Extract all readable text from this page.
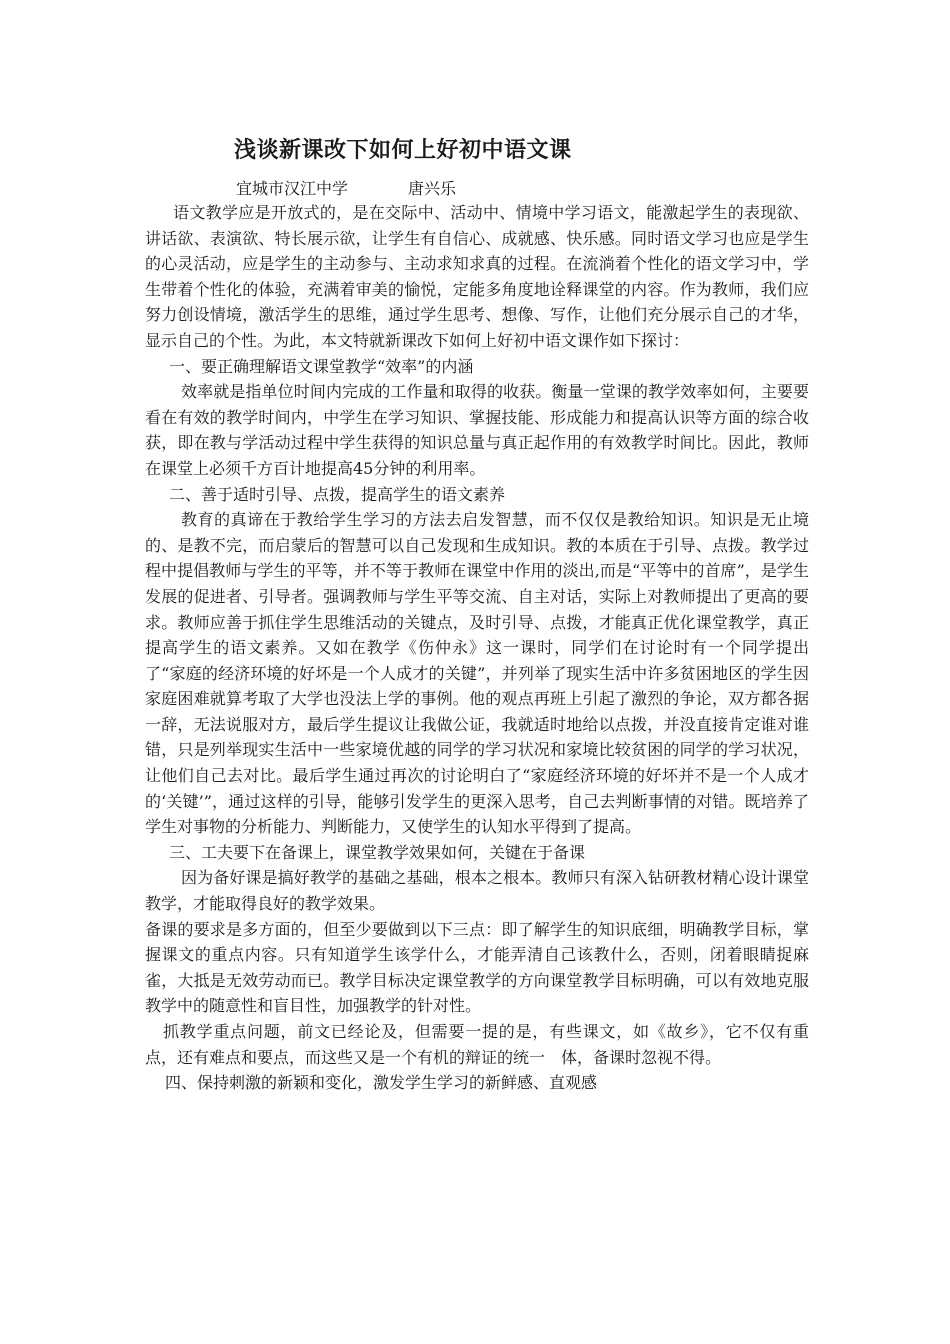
浅谈新课改下如何上好初中语文课
宜城市汉江中学	唐兴乐

语文教学应是开放式的，是在交际中、活动中、情境中学习语文，能激起学生的表现欲、讲话欲、表演欲、特长展示欲，让学生有自信心、成就感、快乐感。同时语文学习也应是学生的心灵活动，应是学生的主动参与、主动求知求真的过程。在流淌着个性化的语文学习中，学生带着个性化的体验，充满着审美的愉悦，定能多角度地诠释课堂的内容。作为教师，我们应努力创设情境，激活学生的思维，通过学生思考、想像、写作，让他们充分展示自己的才华，显示自己的个性。为此，本文特就新课改下如何上好初中语文课作如下探讨：

一、要正确理解语文课堂教学“效率”的内涵

效率就是指单位时间内完成的工作量和取得的收获。衡量一堂课的教学效率如何，主要要看在有效的教学时间内，中学生在学习知识、掌握技能、形成能力和提高认识等方面的综合收获，即在教与学活动过程中学生获得的知识总量与真正起作用的有效教学时间比。因此，教师在课堂上必须千方百计地提高45分钟的利用率。

二、善于适时引导、点拨，提高学生的语文素养

教育的真谛在于教给学生学习的方法去启发智慧，而不仅仅是教给知识。知识是无止境的、是教不完，而启蒙后的智慧可以自己发现和生成知识。教的本质在于引导、点拨。教学过程中提倡教师与学生的平等，并不等于教师在课堂中作用的淡出,而是“平等中的首席”，是学生发展的促进者、引导者。强调教师与学生平等交流、自主对话，实际上对教师提出了更高的要求。教师应善于抓住学生思维活动的关键点，及时引导、点拨，才能真正优化课堂教学，真正提高学生的语文素养。又如在教学《伤仲永》这一课时，同学们在讨论时有一个同学提出了“家庭的经济环境的好坏是一个人成才的关键”，并列举了现实生活中许多贫困地区的学生因家庭困难就算考取了大学也没法上学的事例。他的观点再班上引起了激烈的争论，双方都各据一辞，无法说服对方，最后学生提议让我做公证，我就适时地给以点拨，并没直接肯定谁对谁错，只是列举现实生活中一些家境优越的同学的学习状况和家境比较贫困的同学的学习状况，让他们自己去对比。最后学生通过再次的讨论明白了“家庭经济环境的好坏并不是一个人成才的‘关键’”，通过这样的引导，能够引发学生的更深入思考，自己去判断事情的对错。既培养了学生对事物的分析能力、判断能力，又使学生的认知水平得到了提高。

三、工夫要下在备课上，课堂教学效果如何，关键在于备课

因为备好课是搞好教学的基础之基础，根本之根本。教师只有深入钻研教材精心设计课堂教学，才能取得良好的教学效果。

备课的要求是多方面的，但至少要做到以下三点：即了解学生的知识底细，明确教学目标，掌握课文的重点内容。只有知道学生该学什么，才能弄清自己该教什么，否则，闭着眼睛捉麻雀，大抵是无效劳动而已。教学目标决定课堂教学的方向课堂教学目标明确，可以有效地克服教学中的随意性和盲目性，加强教学的针对性。

抓教学重点问题，前文已经论及，但需要一提的是，有些课文，如《故乡》，它不仅有重点，还有难点和要点，而这些又是一个有机的辩证的统一　体，备课时忽视不得。

四、保持刺激的新颖和变化，激发学生学习的新鲜感、直观感
